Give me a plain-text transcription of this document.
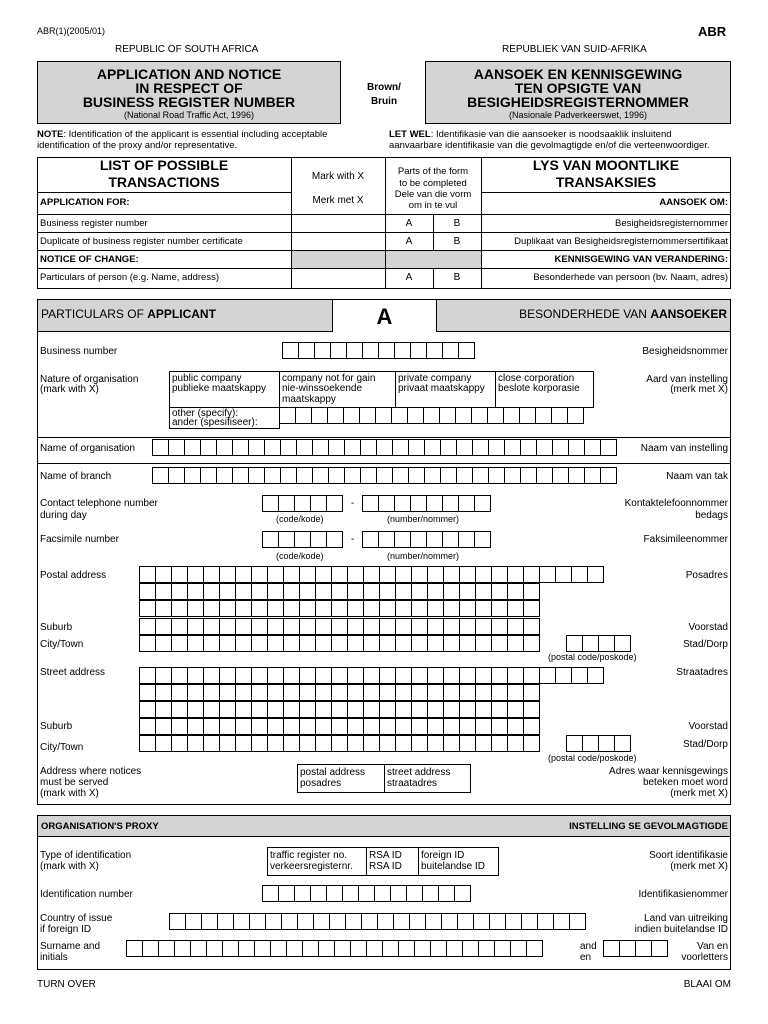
ABR(1)(2005/01)	ABR
REPUBLIC OF SOUTH AFRICA	REPUBLIEK VAN SUID-AFRIKA
APPLICATION AND NOTICE
IN RESPECT OF
BUSINESS REGISTER NUMBER
(National Road Traffic Act, 1996)
Brown/
Bruin
AANSOEK EN KENNISGEWING
TEN OPSIGTE VAN
BESIGHEIDSREGISTERNOMMER
(Nasionale Padverkeerswet, 1996)
NOTE: Identification of the applicant is essential including acceptable
identification of the proxy and/or representative.
LET WEL: Identifikasie van die aansoeker is noodsaaklik insluitend
aanvaarbare identifikasie van die gevolmagtigde en/of die verteenwoordiger.
LIST OF POSSIBLE
TRANSACTIONS	Mark with X
Merk met X
Parts of the form
to be completed
Dele van die vorm
om in te vul
LYS VAN MOONTLIKE
TRANSAKSIES
APPLICATION FOR:	AANSOEK OM:
Business register number	A	B	Besigheidsregisternommer
Duplicate of business register number certificate	A	B	Duplikaat van Besigheidsregisternommersertifikaat
NOTICE OF CHANGE:	KENNISGEWING VAN VERANDERING:
Particulars of person (e.g. Name, address)	A	B	Besonderhede van persoon (bv. Naam, adres)
PARTICULARS OF APPLICANT	A	BESONDERHEDE VAN AANSOEKER
Business number	Besigheidsnommer
Nature of organisation
(mark with X)
Aard van instelling
(merk met X)
public company
publieke maatskappy
company not for gain
nie-winssoekende
maatskappy
private company
privaat maatskappy
close corporation
beslote korporasie
other (specify):
ander (spesifiseer):
Name of organisation	Naam van instelling
Name of branch	Naam van tak
Contact telephone number
during day
Kontaktelefoonnommer
bedags
-
(code/kode)	(number/nommer)
Facsimile number	Faksimileenommer
-
(code/kode)	(number/nommer)
Postal address	Posadres
Suburb	Voorstad
City/Town	Stad/Dorp
(postal code/poskode)
Street address	Straatadres
Suburb	Voorstad
City/Town	Stad/Dorp
(postal code/poskode)
Address where notices
must be served
(mark with X)
Adres waar kennisgewings
beteken moet word
(merk met X)
postal address
posadres
street address
straatadres
ORGANISATION'S PROXY	INSTELLING SE GEVOLMAGTIGDE
Type of identification
(mark with X)
Soort identifikasie
(merk met X)
traffic register no.
verkeersregisternr.
RSA ID
RSA ID
foreign ID
buitelandse ID
Identification number	Identifikasienommer
Country of issue
if foreign ID
Land van uitreiking
indien buitelandse ID
Surname and
initials
and
en
Van en
voorletters
TURN OVER	BLAAI OM
